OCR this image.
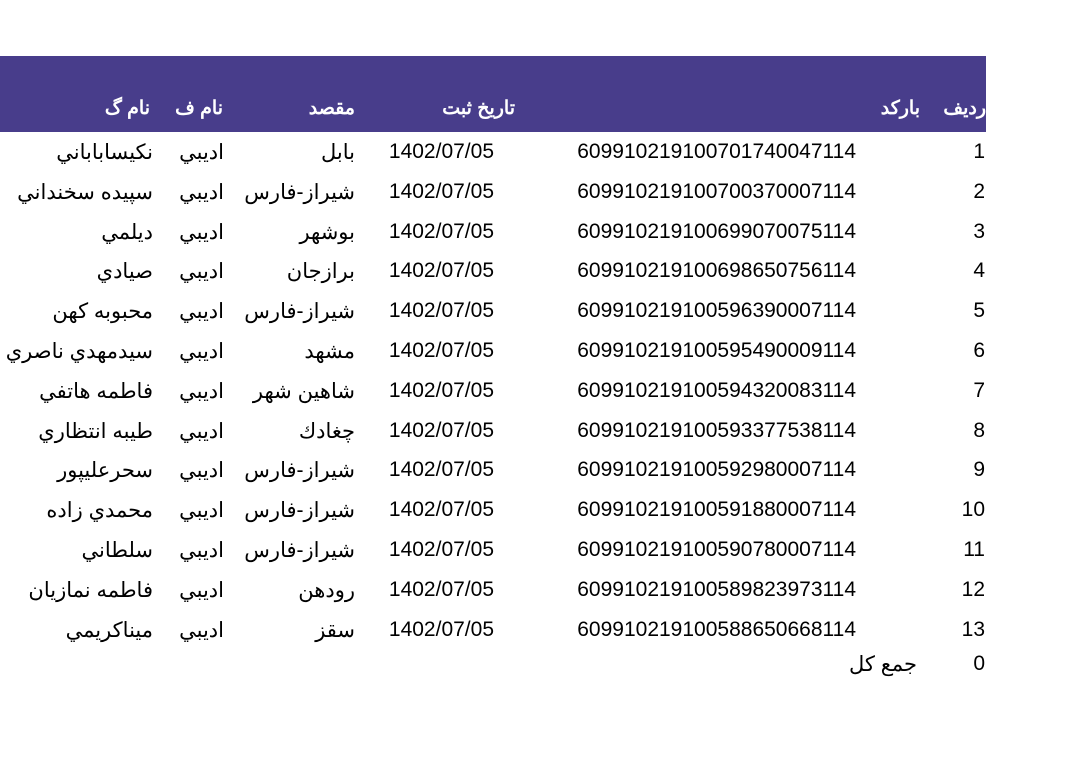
ردیف
بارکد
تاریخ ثبت
مقصد
نام ف
نام گ
1
609910219100701740047114
1402/07/05
بابل
اديبي
نكيساباباني
2
609910219100700370007114
1402/07/05
شيراز-فارس
اديبي
سپيده سخنداني
3
609910219100699070075114
1402/07/05
بوشهر
اديبي
ديلمي
4
609910219100698650756114
1402/07/05
برازجان
اديبي
صيادي
5
609910219100596390007114
1402/07/05
شيراز-فارس
اديبي
محبوبه كهن
6
609910219100595490009114
1402/07/05
مشهد
اديبي
سيدمهدي ناصري
7
609910219100594320083114
1402/07/05
شاهين شهر
اديبي
فاطمه هاتفي
8
609910219100593377538114
1402/07/05
چغادك
اديبي
طيبه انتظاري
9
609910219100592980007114
1402/07/05
شيراز-فارس
اديبي
سحرعليپور
10
609910219100591880007114
1402/07/05
شيراز-فارس
اديبي
محمدي زاده
11
609910219100590780007114
1402/07/05
شيراز-فارس
اديبي
سلطاني
12
609910219100589823973114
1402/07/05
رودهن
اديبي
فاطمه نمازيان
13
609910219100588650668114
1402/07/05
سقز
اديبي
ميناكريمي
0
جمع كل
